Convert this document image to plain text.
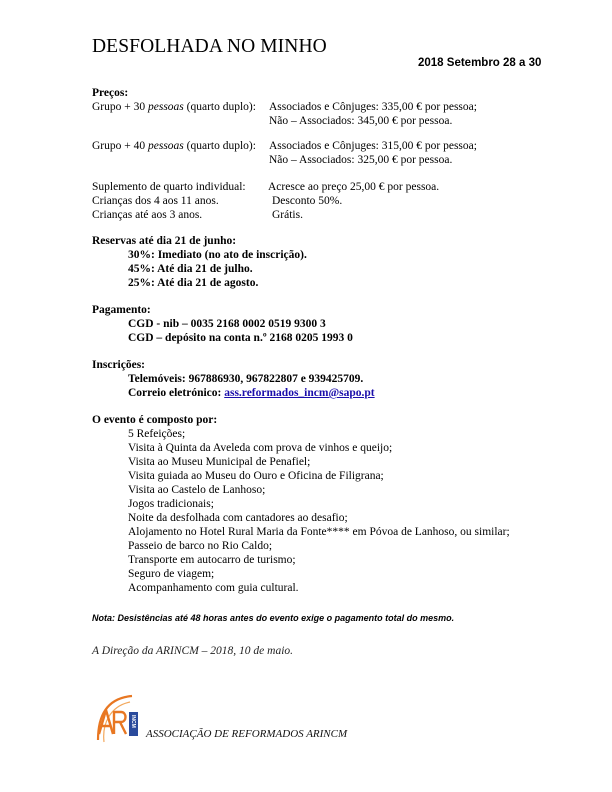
DESFOLHADA NO MINHO
2018 Setembro 28 a 30
Preços:
Grupo + 30 pessoas (quarto duplo): Associados e Cônjuges: 335,00 € por pessoa;
Não – Associados: 345,00 € por pessoa.
Grupo + 40 pessoas (quarto duplo): Associados e Cônjuges: 315,00 € por pessoa;
Não – Associados: 325,00 € por pessoa.
Suplemento de quarto individual: Acresce ao preço 25,00 € por pessoa.
Crianças dos 4 aos 11 anos.	Desconto 50%.
Crianças até aos 3 anos.	Grátis.
Reservas até dia 21 de junho:
30%: Imediato (no ato de inscrição).
45%: Até dia 21 de julho.
25%: Até dia 21 de agosto.
Pagamento:
CGD - nib – 0035 2168 0002 0519 9300 3
CGD – depósito na conta n.º 2168 0205 1993 0
Inscrições:
Telemóveis: 967886930, 967822807 e 939425709.
Correio eletrónico: ass.reformados_incm@sapo.pt
O evento é composto por:
5 Refeições;
Visita à Quinta da Aveleda com prova de vinhos e queijo;
Visita ao Museu Municipal de Penafiel;
Visita guiada ao Museu do Ouro e Oficina de Filigrana;
Visita ao Castelo de Lanhoso;
Jogos tradicionais;
Noite da desfolhada com cantadores ao desafio;
Alojamento no Hotel Rural Maria da Fonte**** em Póvoa de Lanhoso, ou similar;
Passeio de barco no Rio Caldo;
Transporte em autocarro de turismo;
Seguro de viagem;
Acompanhamento com guia cultural.
Nota: Desistências até 48 horas antes do evento exige o pagamento total do mesmo.
A Direção da ARINCM – 2018, 10 de maio.
INCM
ASSOCIAÇÃO DE REFORMADOS ARINCM
